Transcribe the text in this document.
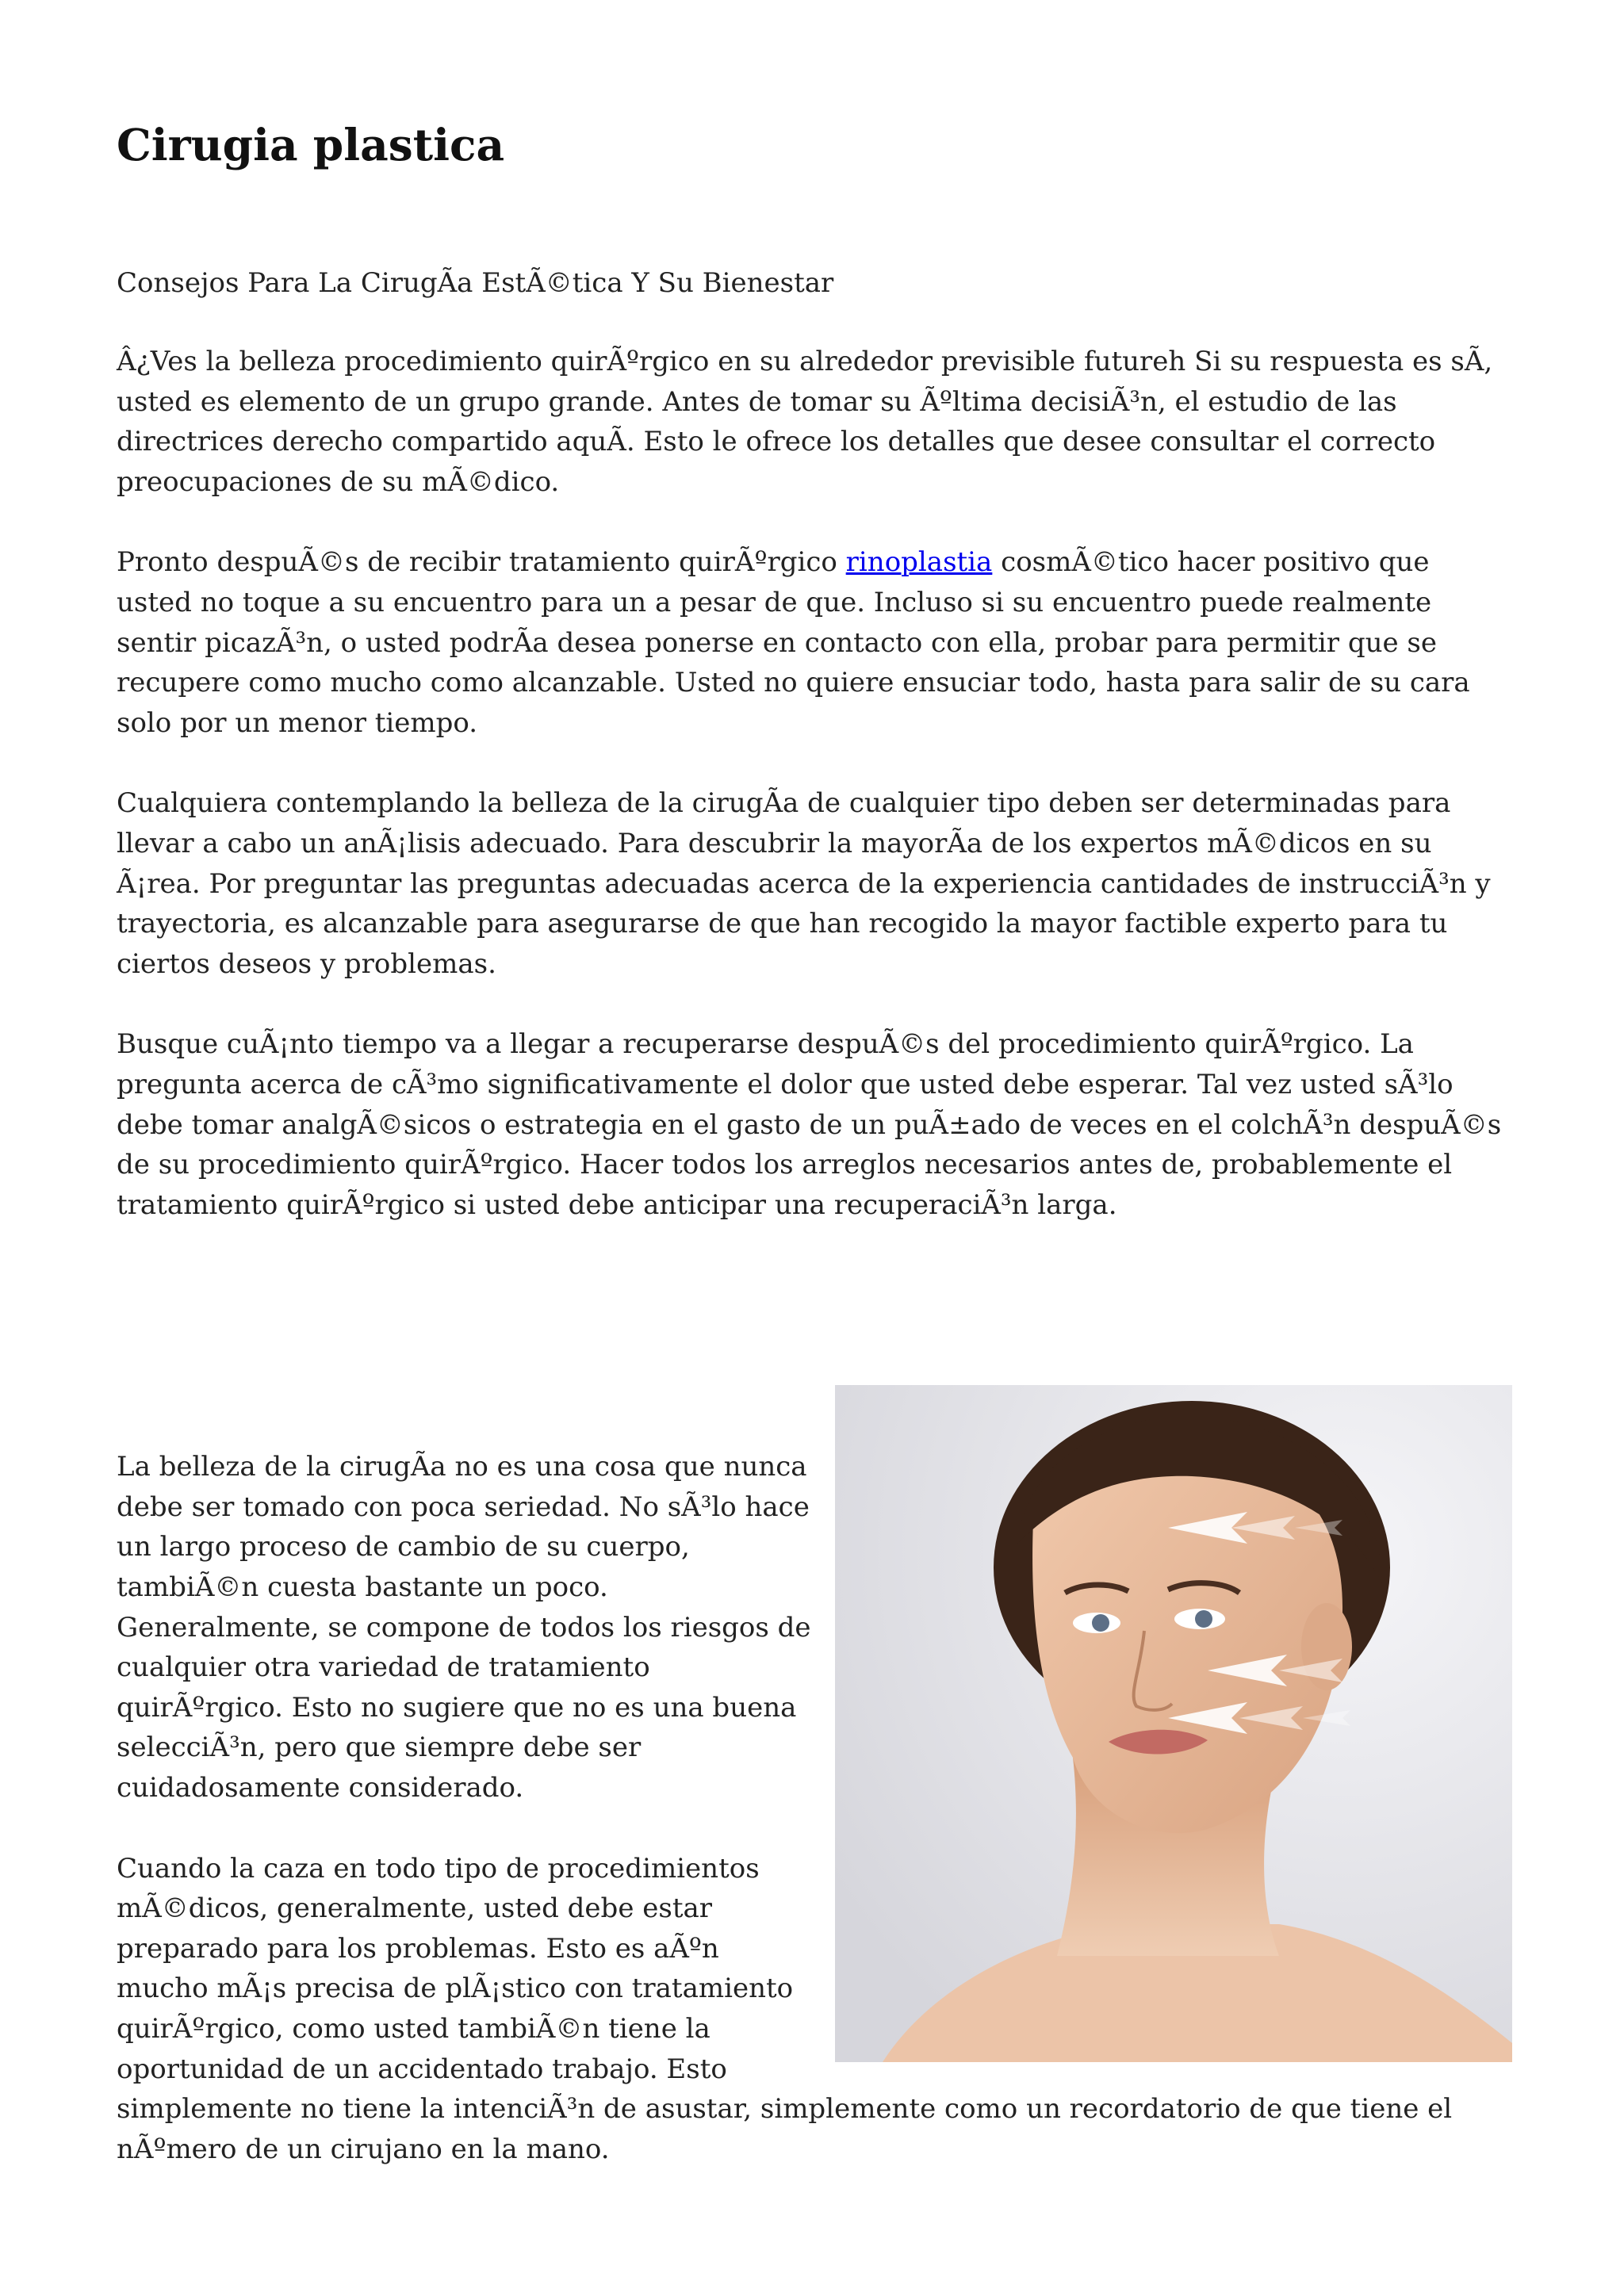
Cirugia plastica
Consejos Para La CirugÃa EstÃ©tica Y Su Bienestar

Â¿Ves la belleza procedimiento quirÃºrgico en su alrededor previsible futureh Si su respuesta es sÃ, usted es elemento de un grupo grande. Antes de tomar su Ãºltima decisiÃ³n, el estudio de las directrices derecho compartido aquÃ. Esto le ofrece los detalles que desee consultar el correcto preocupaciones de su mÃ©dico.

Pronto despuÃ©s de recibir tratamiento quirÃºrgico rinoplastia cosmÃ©tico hacer positivo que usted no toque a su encuentro para un a pesar de que. Incluso si su encuentro puede realmente sentir picazÃ³n, o usted podrÃa desea ponerse en contacto con ella, probar para permitir que se recupere como mucho como alcanzable. Usted no quiere ensuciar todo, hasta para salir de su cara solo por un menor tiempo.

Cualquiera contemplando la belleza de la cirugÃa de cualquier tipo deben ser determinadas para llevar a cabo un anÃ¡lisis adecuado. Para descubrir la mayorÃa de los expertos mÃ©dicos en su Ã¡rea. Por preguntar las preguntas adecuadas acerca de la experiencia cantidades de instrucciÃ³n y trayectoria, es alcanzable para asegurarse de que han recogido la mayor factible experto para tu ciertos deseos y problemas.

Busque cuÃ¡nto tiempo va a llegar a recuperarse despuÃ©s del procedimiento quirÃºrgico. La pregunta acerca de cÃ³mo significativamente el dolor que usted debe esperar. Tal vez usted sÃ³lo debe tomar analgÃ©sicos o estrategia en el gasto de un puÃ±ado de veces en el colchÃ³n despuÃ©s de su procedimiento quirÃºrgico. Hacer todos los arreglos necesarios antes de, probablemente el tratamiento quirÃºrgico si usted debe anticipar una recuperaciÃ³n larga.

La belleza de la cirugÃa no es una cosa que nunca debe ser tomado con poca seriedad. No sÃ³lo hace un largo proceso de cambio de su cuerpo, tambiÃ©n cuesta bastante un poco. Generalmente, se compone de todos los riesgos de cualquier otra variedad de tratamiento quirÃºrgico. Esto no sugiere que no es una buena selecciÃ³n, pero que siempre debe ser cuidadosamente considerado.

Cuando la caza en todo tipo de procedimientos mÃ©dicos, generalmente, usted debe estar preparado para los problemas. Esto es aÃºn mucho mÃ¡s precisa de plÃ¡stico con tratamiento quirÃºrgico, como usted tambiÃ©n tiene la oportunidad de un accidentado trabajo. Esto simplemente no tiene la intenciÃ³n de asustar, simplemente como un recordatorio de que tiene el nÃºmero de un cirujano en la mano.
